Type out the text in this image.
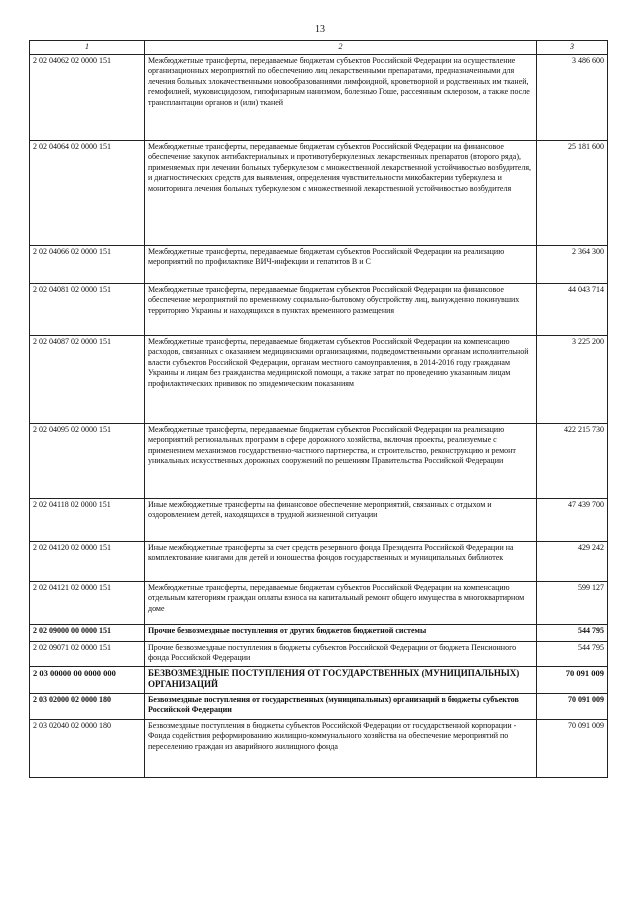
13
1	2	3
2 02 04062 02 0000 151	Межбюджетные трансферты, передаваемые бюджетам субъектов Российской Федерации на осуществление организационных мероприятий по обеспечению лиц лекарственными препаратами, предназначенными для лечения больных злокачественными новообразованиями лимфоидной, кроветворной и родственных им тканей, гемофилией, муковисцидозом, гипофизарным нанизмом, болезнью Гоше, рассеянным склерозом, а также после трансплантации органов и (или) тканей	3 486 600
2 02 04064 02 0000 151	Межбюджетные трансферты, передаваемые бюджетам субъектов Российской Федерации на финансовое обеспечение закупок антибактериальных и противотуберкулезных лекарственных препаратов (второго ряда), применяемых при лечении больных туберкулезом с множественной лекарственной устойчивостью возбудителя, и диагностических средств для выявления, определения чувствительности микобактерии туберкулеза и мониторинга лечения больных туберкулезом с множественной лекарственной устойчивостью возбудителя	25 181 600
2 02 04066 02 0000 151	Межбюджетные трансферты, передаваемые бюджетам субъектов Российской Федерации на реализацию мероприятий по профилактике ВИЧ-инфекции и гепатитов В и С	2 364 300
2 02 04081 02 0000 151	Межбюджетные трансферты, передаваемые бюджетам субъектов Российской Федерации на финансовое обеспечение мероприятий по временному социально-бытовому обустройству лиц, вынужденно покинувших территорию Украины и находящихся в пунктах временного размещения	44 043 714
2 02 04087 02 0000 151	Межбюджетные трансферты, передаваемые бюджетам субъектов Российской Федерации на компенсацию расходов, связанных с оказанием медицинскими организациями, подведомственными органам исполнительной власти субъектов Российской Федерации, органам местного самоуправления, в 2014-2016 году гражданам Украины и лицам без гражданства медицинской помощи, а также затрат по проведению указанным лицам профилактических прививок по эпидемическим показаниям	3 225 200
2 02 04095 02 0000 151	Межбюджетные трансферты, передаваемые бюджетам субъектов Российской Федерации на реализацию мероприятий региональных программ в сфере дорожного хозяйства, включая проекты, реализуемые с применением механизмов государственно-частного партнерства, и строительство, реконструкцию и ремонт уникальных искусственных дорожных сооружений по решениям Правительства Российской Федерации	422 215 730
2 02 04118 02 0000 151	Иные межбюджетные трансферты на финансовое обеспечение мероприятий, связанных с отдыхом и оздоровлением детей, находящихся в трудной жизненной ситуации	47 439 700
2 02 04120 02 0000 151	Иные межбюджетные трансферты за счет средств резервного фонда Президента Российской Федерации на комплектование книгами для детей и юношества фондов государственных и муниципальных библиотек	429 242
2 02 04121 02 0000 151	Межбюджетные трансферты, передаваемые бюджетам субъектов Российской Федерации на компенсацию отдельным категориям граждан оплаты взноса на капитальный ремонт общего имущества в многоквартирном доме	599 127
2 02 09000 00 0000 151	Прочие безвозмездные поступления от других бюджетов бюджетной системы	544 795
2 02 09071 02 0000 151	Прочие безвозмездные поступления в бюджеты субъектов Российской Федерации от бюджета Пенсионного фонда Российской Федерации	544 795
2 03 00000 00 0000 000	БЕЗВОЗМЕЗДНЫЕ ПОСТУПЛЕНИЯ ОТ ГОСУДАРСТВЕННЫХ (МУНИЦИПАЛЬНЫХ) ОРГАНИЗАЦИЙ	70 091 009
2 03 02000 02 0000 180	Безвозмездные поступления от государственных (муниципальных) организаций в бюджеты субъектов Российской Федерации	70 091 009
2 03 02040 02 0000 180	Безвозмездные поступления в бюджеты субъектов Российской Федерации от государственной корпорации - Фонда содействия реформированию жилищно-коммунального хозяйства на обеспечение мероприятий по переселению граждан из аварийного жилищного фонда	70 091 009
